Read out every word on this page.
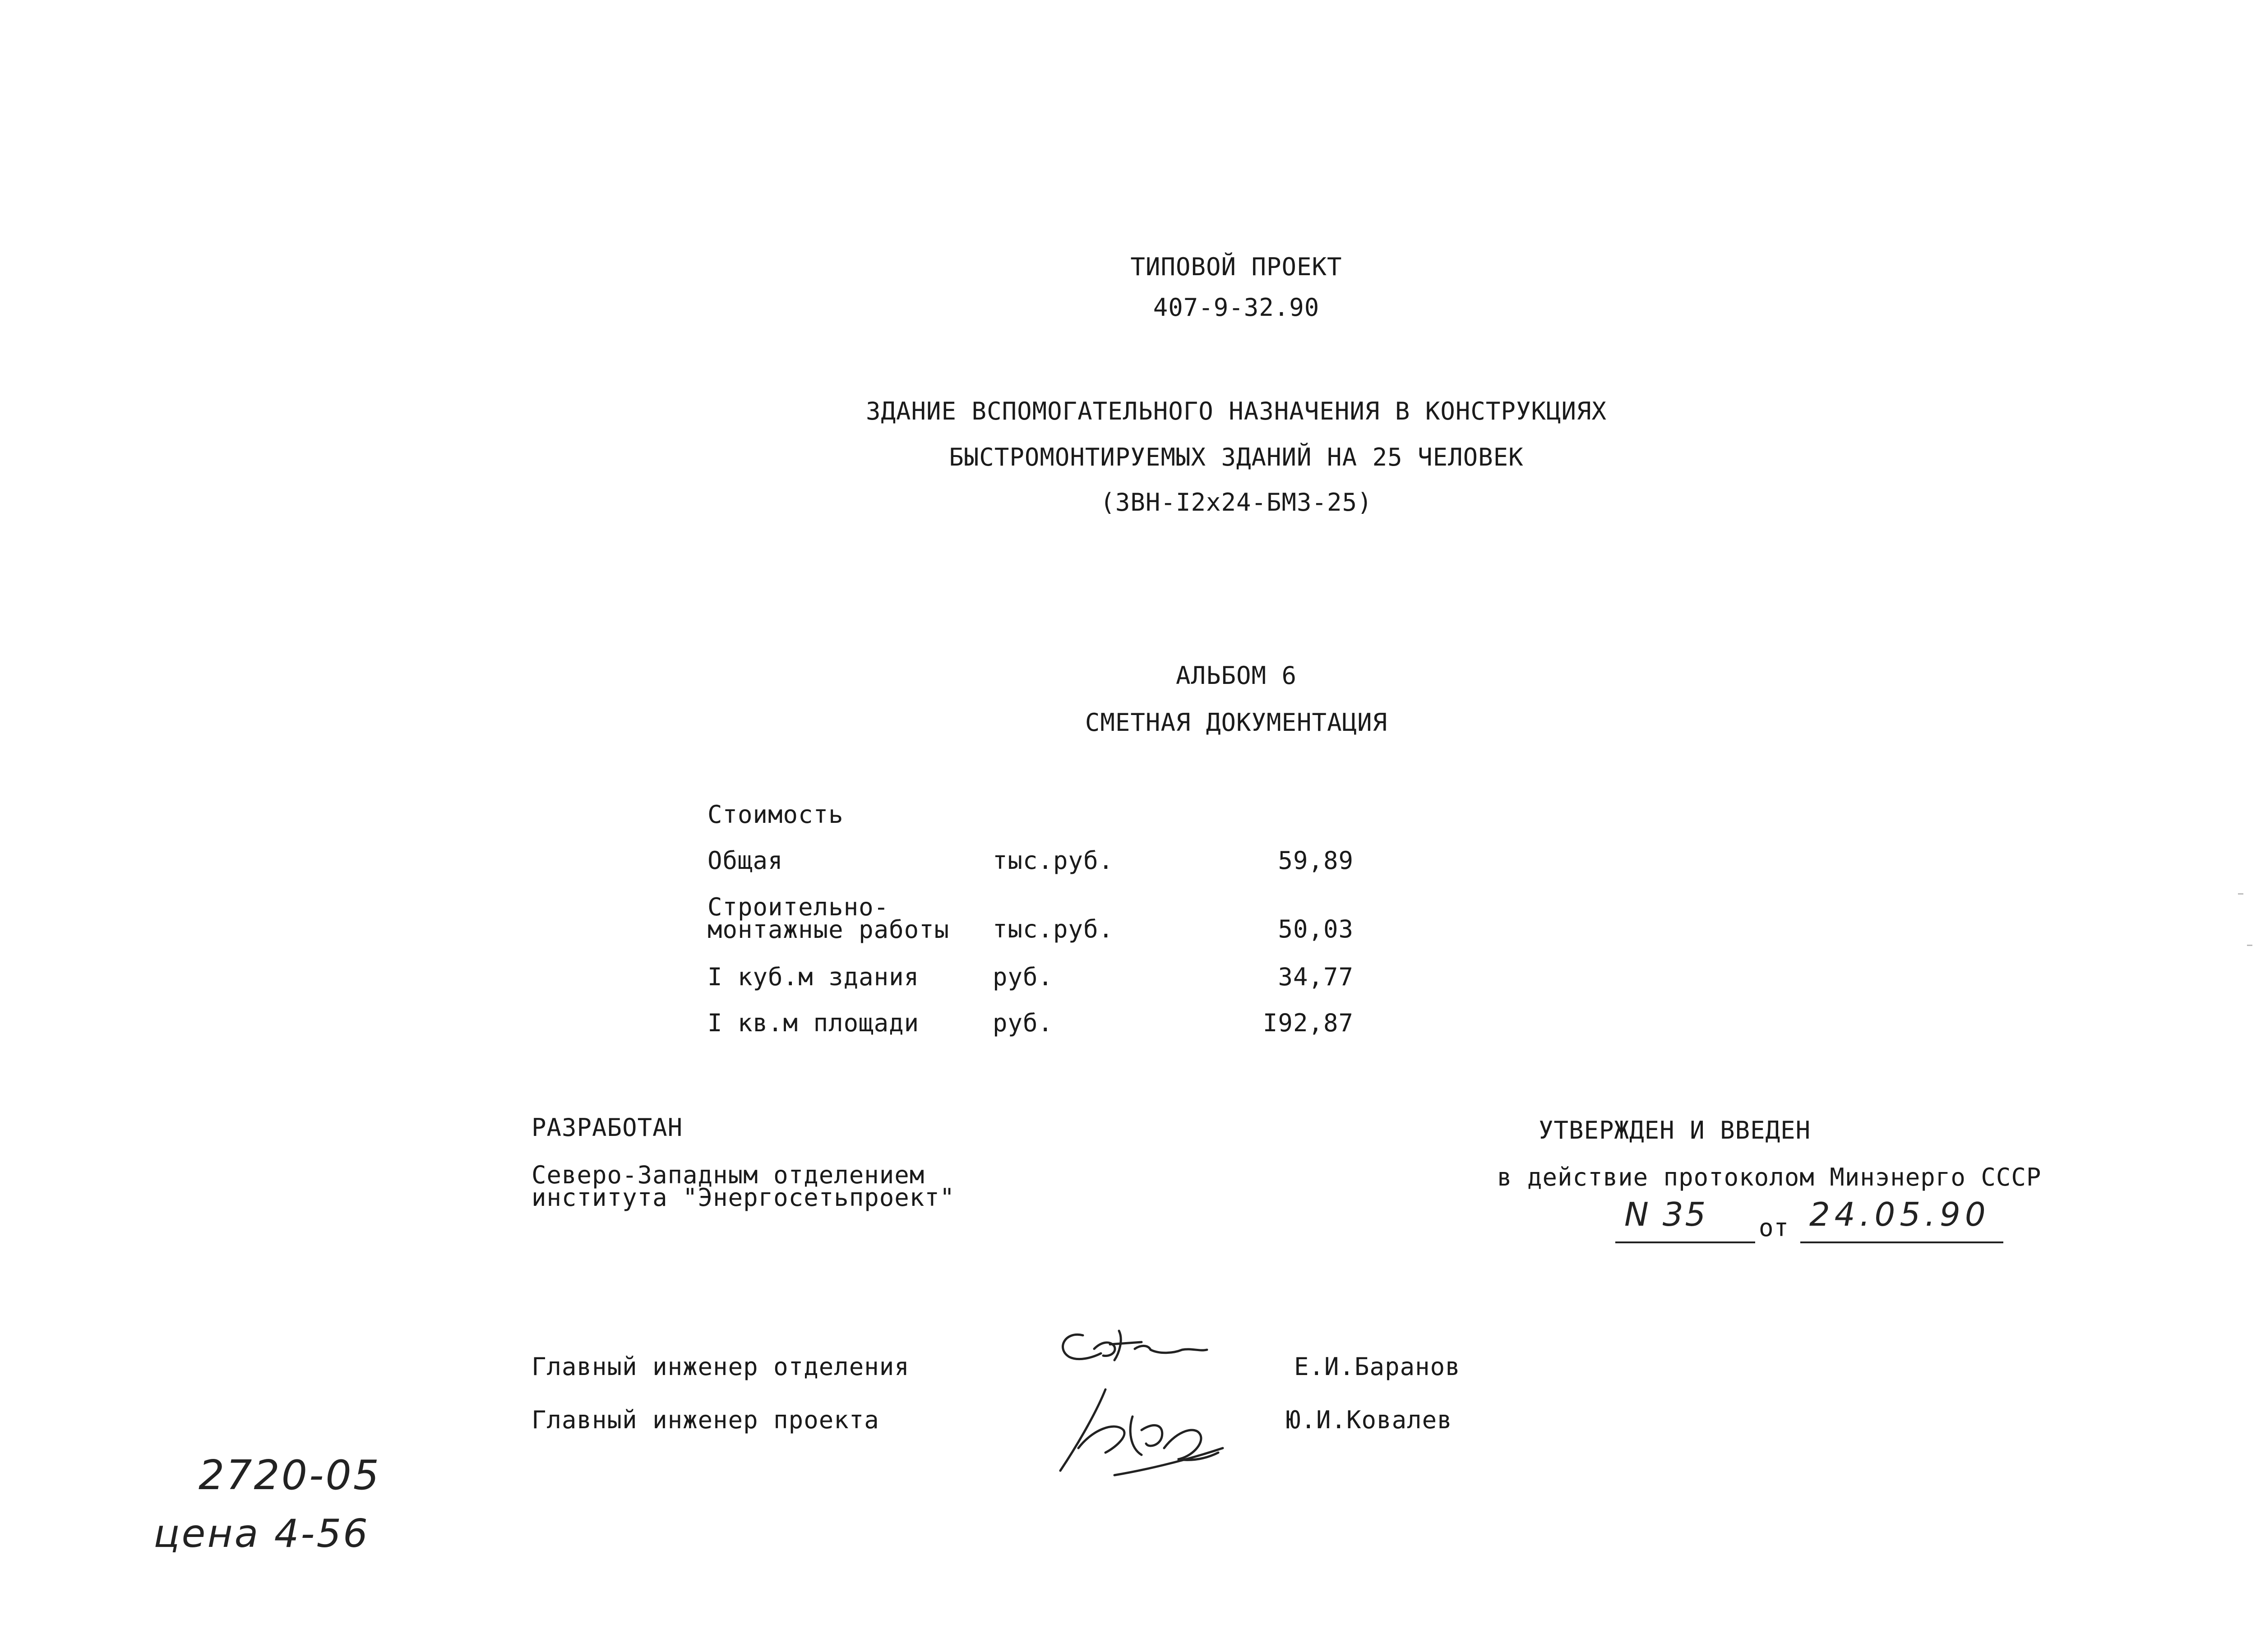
ТИПОВОЙ ПРОЕКТ
407-9-32.90
ЗДАНИЕ ВСПОМОГАТЕЛЬНОГО НАЗНАЧЕНИЯ В КОНСТРУКЦИЯХ
БЫСТРОМОНТИРУЕМЫХ ЗДАНИЙ НА 25 ЧЕЛОВЕК
(ЗВН-I2х24-БМЗ-25)
АЛЬБОМ 6
СМЕТНАЯ ДОКУМЕНТАЦИЯ
Стоимость
Общая	тыс.руб.	59,89
Строительно-
монтажные работы тыс.руб.	50,03
I куб.м здания	руб.	34,77
I кв.м площади	руб.	I92,87
РАЗРАБОТАН
Северо-Западным отделением
института "Энергосетьпроект"
УТВЕРЖДЕН И ВВЕДЕН
в действие протоколом Минэнерго СССР
N 35 от 24.05.90
Главный инженер отделения	Е.И.Баранов
Главный инженер проекта	Ю.И.Ковалев
2720-05
цена 4-56
